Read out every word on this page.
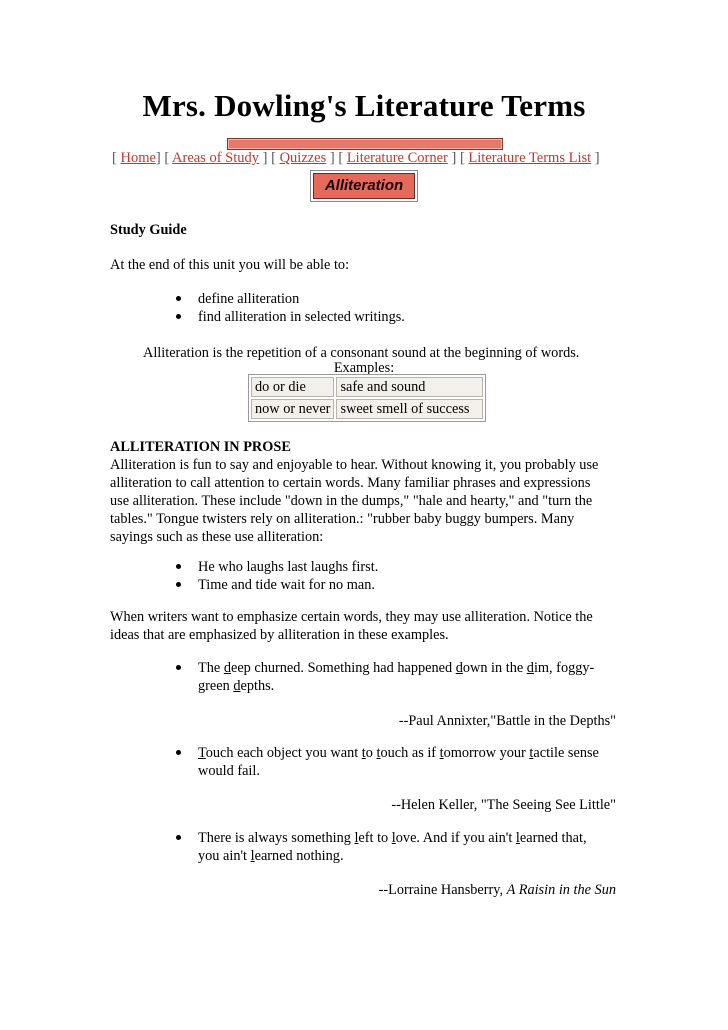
Mrs. Dowling's Literature Terms
[ Home] [ Areas of Study ] [ Quizzes ] [ Literature Corner ] [ Literature Terms List ]
Alliteration
Study Guide
At the end of this unit you will be able to:
define alliteration
find alliteration in selected writings.
Alliteration is the repetition of a consonant sound at the beginning of words.
Examples:
do or die	safe and sound
now or never	sweet smell of success
ALLITERATION IN PROSE
Alliteration is fun to say and enjoyable to hear. Without knowing it, you probably use
alliteration to call attention to certain words. Many familiar phrases and expressions
use alliteration. These include "down in the dumps," "hale and hearty," and "turn the
tables." Tongue twisters rely on alliteration.: "rubber baby buggy bumpers. Many
sayings such as these use alliteration:
He who laughs last laughs first.
Time and tide wait for no man.
When writers want to emphasize certain words, they may use alliteration. Notice the
ideas that are emphasized by alliteration in these examples.
The deep churned. Something had happened down in the dim, foggy-
green depths.
--Paul Annixter,"Battle in the Depths"
Touch each object you want to touch as if tomorrow your tactile sense
would fail.
--Helen Keller, "The Seeing See Little"
There is always something left to love. And if you ain't learned that,
you ain't learned nothing.
--Lorraine Hansberry, A Raisin in the Sun
